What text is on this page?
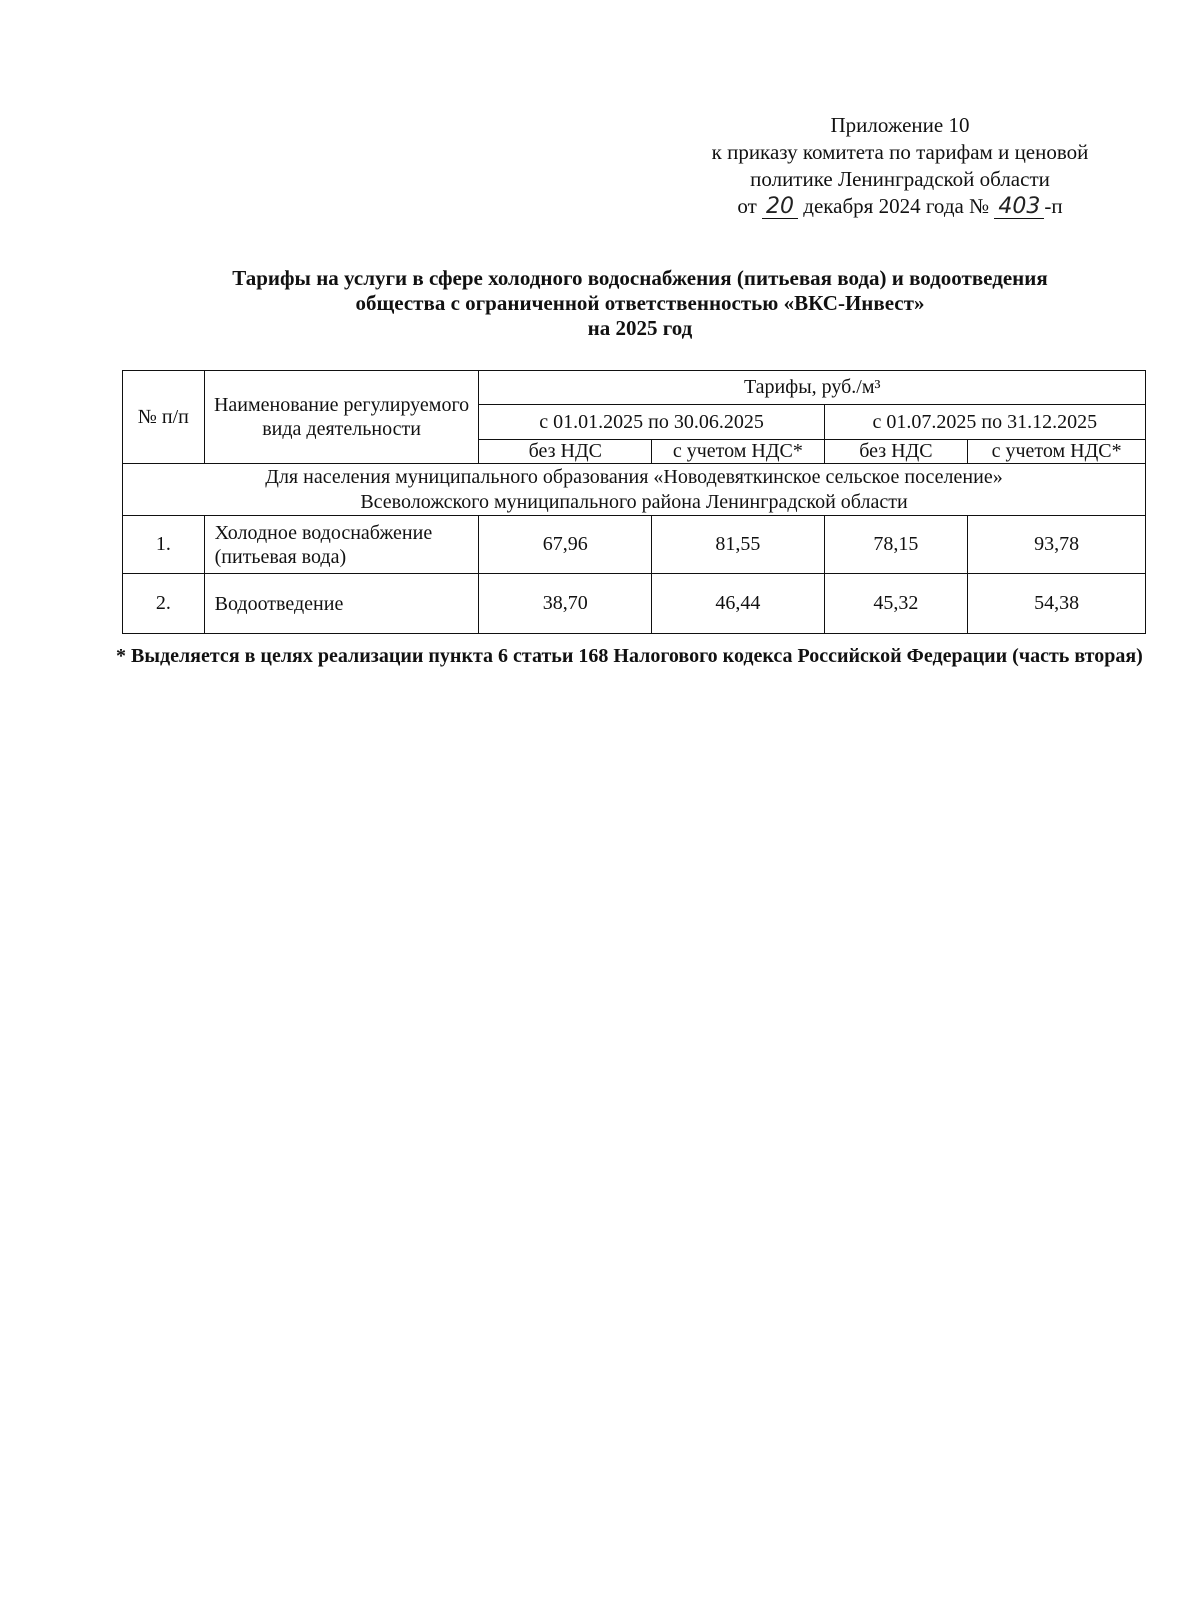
Приложение 10
к приказу комитета по тарифам и ценовой
политике Ленинградской области
от 20 декабря 2024 года № 403 -п
Тарифы на услуги в сфере холодного водоснабжения (питьевая вода) и водоотведения
общества с ограниченной ответственностью «ВКС-Инвест»
на 2025 год
№ п/п	Наименование регулируемого вида деятельности	Тарифы, руб./м³			
		с 01.01.2025 по 30.06.2025		с 01.07.2025 по 31.12.2025	
		без НДС	с учетом НДС*	без НДС	с учетом НДС*
Для населения муниципального образования «Новодевяткинское сельское поселение»
Всеволожского муниципального района Ленинградской области					
1.	Холодное водоснабжение (питьевая вода)	67,96	81,55	78,15	93,78
2.	Водоотведение	38,70	46,44	45,32	54,38
* Выделяется в целях реализации пункта 6 статьи 168 Налогового кодекса Российской Федерации (часть вторая)
